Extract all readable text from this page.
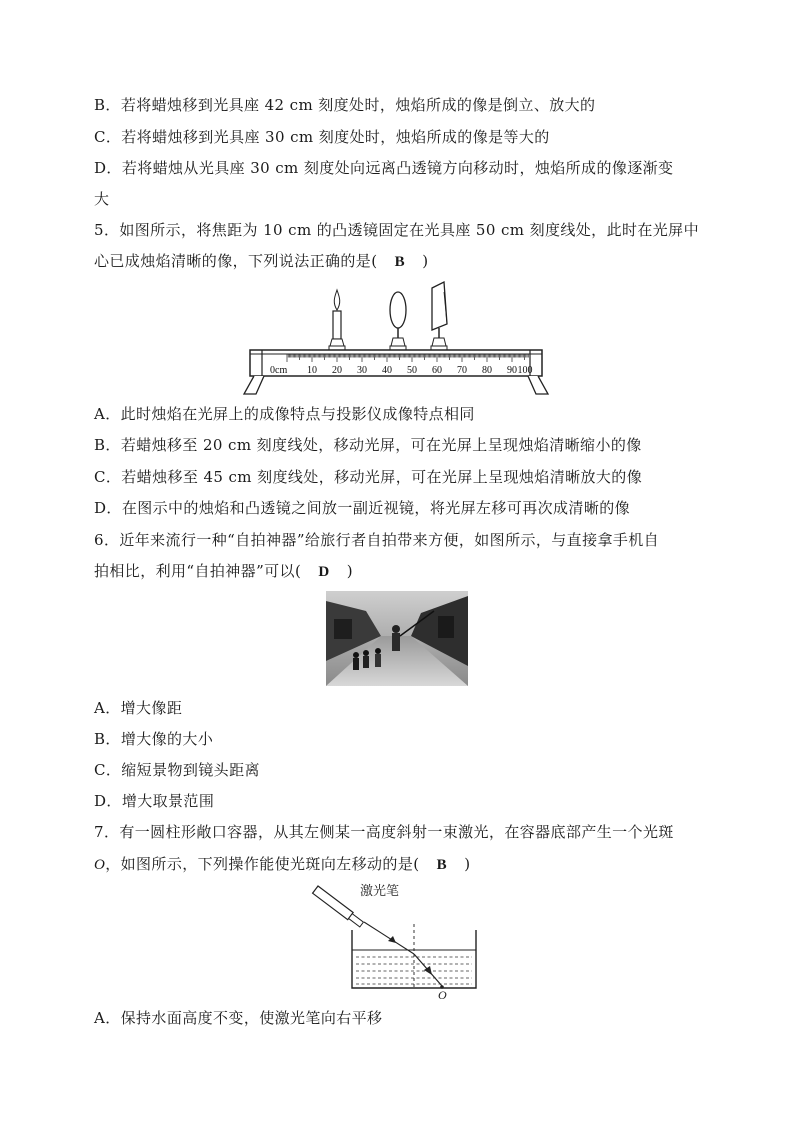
B．若将蜡烛移到光具座 42 cm 刻度处时，烛焰所成的像是倒立、放大的
C．若将蜡烛移到光具座 30 cm 刻度处时，烛焰所成的像是等大的
D．若将蜡烛从光具座 30 cm 刻度处向远离凸透镜方向移动时，烛焰所成的像逐渐变
大
5．如图所示，将焦距为 10 cm 的凸透镜固定在光具座 50 cm 刻度线处，此时在光屏中
心已成烛焰清晰的像，下列说法正确的是( B )
0cm 10 20 30 40 50 60 70 80 90 100
A．此时烛焰在光屏上的成像特点与投影仪成像特点相同
B．若蜡烛移至 20 cm 刻度线处，移动光屏，可在光屏上呈现烛焰清晰缩小的像
C．若蜡烛移至 45 cm 刻度线处，移动光屏，可在光屏上呈现烛焰清晰放大的像
D．在图示中的烛焰和凸透镜之间放一副近视镜，将光屏左移可再次成清晰的像
6．近年来流行一种“自拍神器”给旅行者自拍带来方便，如图所示，与直接拿手机自
拍相比，利用“自拍神器”可以( D )
A．增大像距
B．增大像的大小
C．缩短景物到镜头距离
D．增大取景范围
7．有一圆柱形敞口容器，从其左侧某一高度斜射一束激光，在容器底部产生一个光斑
O，如图所示，下列操作能使光斑向左移动的是( B )
激光笔
O
A．保持水面高度不变，使激光笔向右平移
